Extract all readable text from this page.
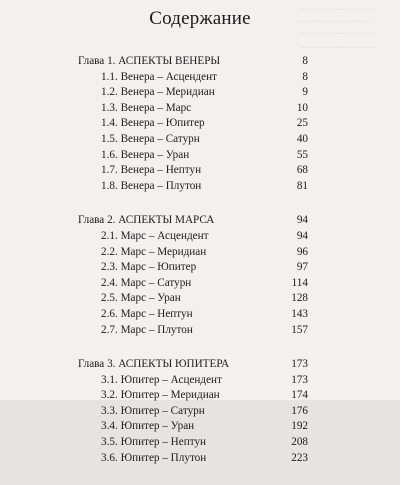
..............................
..............................
..............................
..............................
Содержание
Глава 1. АСПЕКТЫ ВЕНЕРЫ	8
1.1. Венера – Асцендент	8
1.2. Венера – Меридиан	9
1.3. Венера – Марс	10
1.4. Венера – Юпитер	25
1.5. Венера – Сатурн	40
1.6. Венера – Уран	55
1.7. Венера – Нептун	68
1.8. Венера – Плутон	81
Глава 2. АСПЕКТЫ МАРСА	94
2.1. Марс – Асцендент	94
2.2. Марс – Меридиан	96
2.3. Марс – Юпитер	97
2.4. Марс – Сатурн	114
2.5. Марс – Уран	128
2.6. Марс – Нептун	143
2.7. Марс – Плутон	157
Глава 3. АСПЕКТЫ ЮПИТЕРА	173
3.1. Юпитер – Асцендент	173
3.2. Юпитер – Меридиан	174
3.3. Юпитер – Сатурн	176
3.4. Юпитер – Уран	192
3.5. Юпитер – Нептун	208
3.6. Юпитер – Плутон	223
